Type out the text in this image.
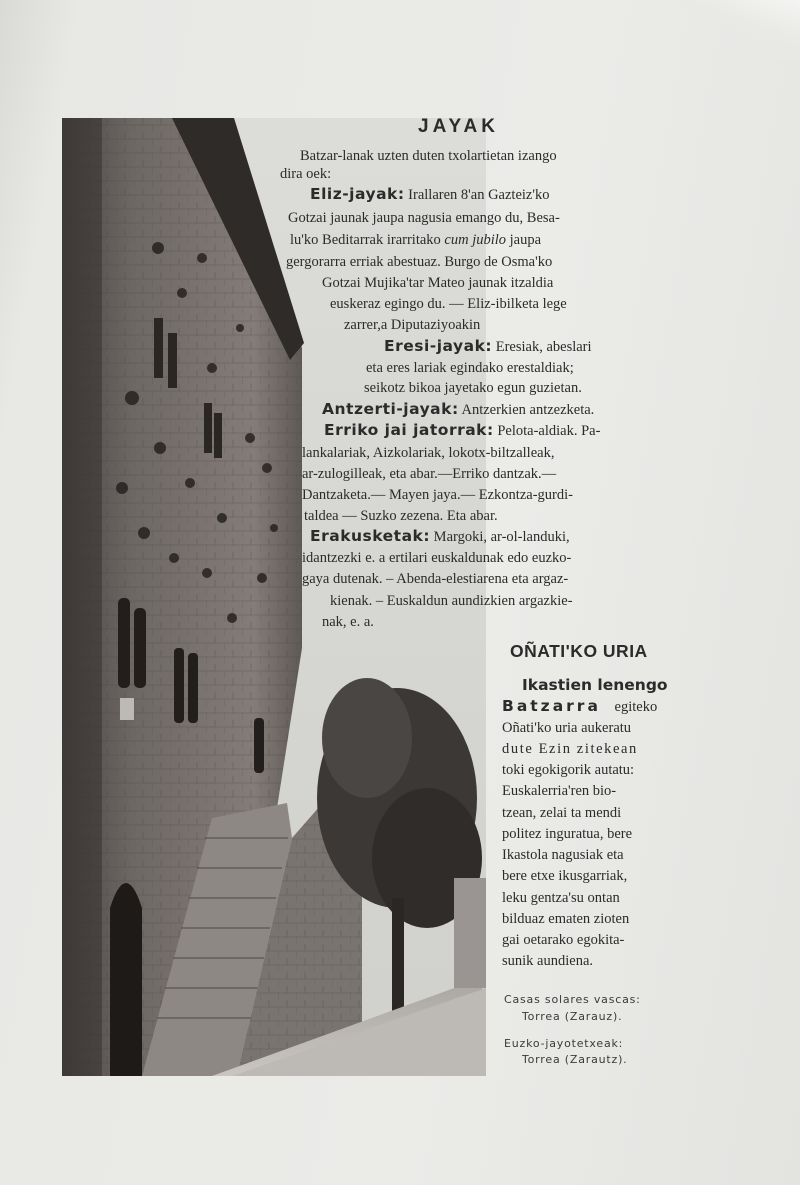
JAYAK
Batzar-lanak uzten duten txolartietan izango
dira oek:
Eliz-jayak: Irallaren 8'an Gazteiz'ko
Gotzai jaunak jaupa nagusia emango du, Besa-
lu'ko Beditarrak irarritako cum jubilo jaupa
gergorarra erriak abestuaz. Burgo de Osma'ko
Gotzai Mujika'tar Mateo jaunak itzaldia
euskeraz egingo du. — Eliz-ibilketa lege
zarrer,a Diputaziyoakin
Eresi-jayak: Eresiak, abeslari
eta eres lariak egindako erestaldiak;
seikotz bikoa jayetako egun guzietan.
Antzerti-jayak: Antzerkien antzezketa.
Erriko jai jatorrak: Pelota-aldiak. Pa-
lankalariak, Aizkolariak, lokotx-biltzalleak,
ar-zulogilleak, eta abar.—Erriko dantzak.—
Dantzaketa.— Mayen jaya.— Ezkontza-gurdi-
taldea — Suzko zezena. Eta abar.
Erakusketak: Margoki, ar-ol-landuki,
idantzezki e. a ertilari euskaldunak edo euzko-
gaya dutenak. – Abenda-elestiarena eta argaz-
kienak. – Euskaldun aundizkien argazkie-
nak, e. a.
OÑATI'KO URIA
Ikastien lenengo
Batzarra egiteko
Oñati'ko uria aukeratu
dute Ezin zitekean
toki egokigorik autatu:
Euskalerria'ren bio-
tzean, zelai ta mendi
politez inguratua, bere
Ikastola nagusiak eta
bere etxe ikusgarriak,
leku gentza'su ontan
bilduaz ematen zioten
gai oetarako egokita-
sunik aundiena.
Casas solares vascas:
Torrea (Zarauz).
Euzko-jayotetxeak:
Torrea (Zarautz).
